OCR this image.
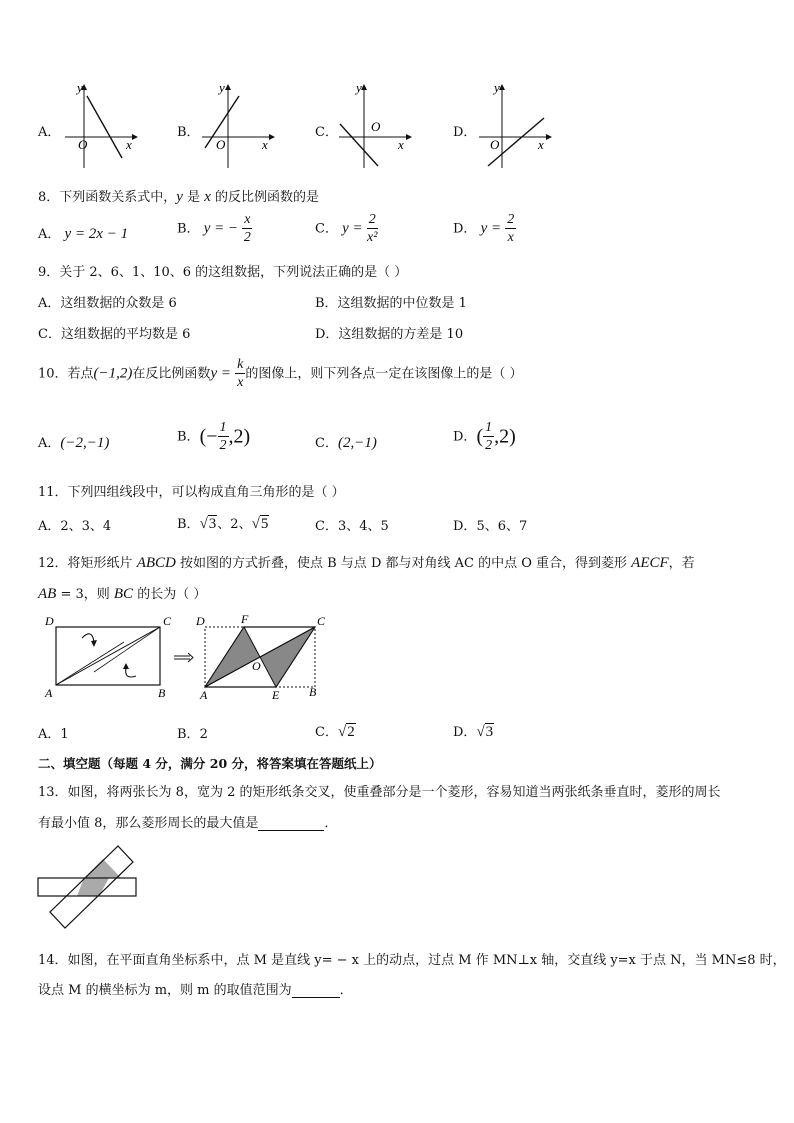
A．
y
x
O
B．
y
x
O
C．
y
x
O	D．
y
x
O
8．下列函数关系式中，y 是 x 的反比例函数的是
A． y = 2x − 1	B． y = − $\frac{x}{2}$	C． $y = \frac{2}{\text{x²}}$	D． $y = \frac{2}{x}$
9．关于 2、6、1、10、6 的这组数据，下列说法正确的是（ ）
A．这组数据的众数是 6	B．这组数据的中位数是 1
C．这组数据的平均数是 6	D．这组数据的方差是 10
10．若点(−1,2)在反比例函数$y = \frac{k}{x}$ 的图像上，则下列各点一定在该图像上的是（ ）
A．(−2,−1)	B．(− $\frac{1}{2} ,2$)	C．(2,−1)	D．( $\frac{1}{2} ,2$)
11．下列四组线段中，可以构成直角三角形的是（ ）
A．2、3、4	B．√3、2、√5	C．3、4、5	D．5、6、7
12．将矩形纸片 ABCD 按如图的方式折叠，使点 B 与点 D 都与对角线 AC 的中点 O 重合，得到菱形 AECF，若
AB = 3，则 BC 的长为（ ）
D	C
A	B
D	F	C
O
A	E B
A．1	B．2	C．√2	D．√3
二、填空题（每题 4 分，满分 20 分，将答案填在答题纸上）
13．如图，将两张长为 8，宽为 2 的矩形纸条交叉，使重叠部分是一个菱形，容易知道当两张纸条垂直时，菱形的周长
有最小值 8，那么菱形周长的最大值是	．
14．如图，在平面直角坐标系中，点 M 是直线 y= − x 上的动点，过点 M 作 MN⊥x 轴，交直线 y=x 于点 N，当 MN≤8 时，
设点 M 的横坐标为 m，则 m 的取值范围为	．
